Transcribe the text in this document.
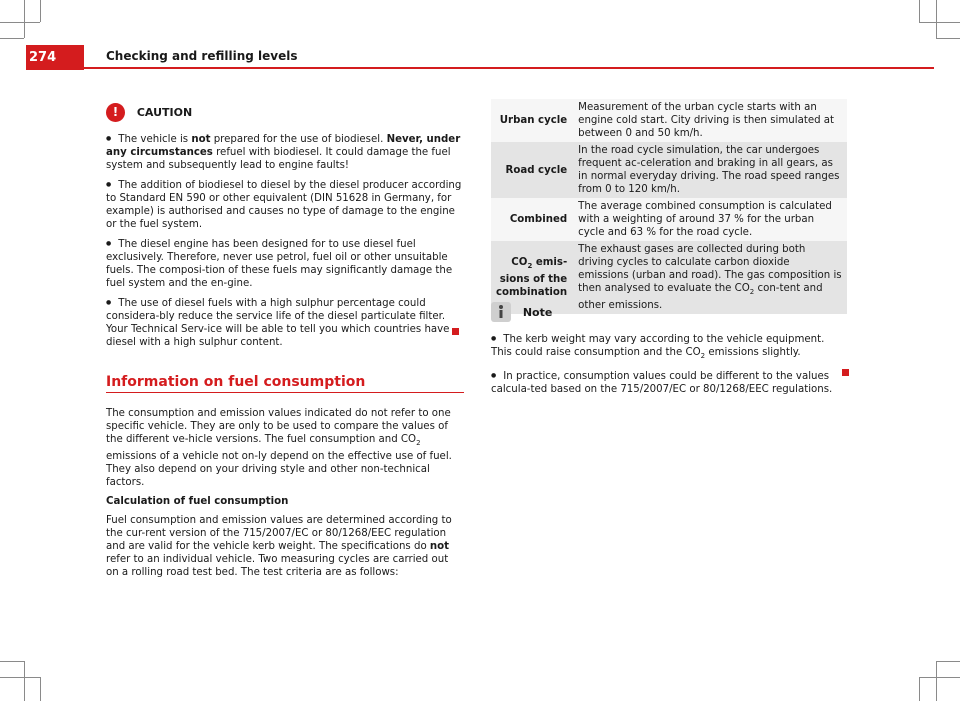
274	Checking and refilling levels
! CAUTION

● The vehicle is not prepared for the use of biodiesel. Never, under any circumstances refuel with biodiesel. It could damage the fuel system and subsequently lead to engine faults!

● The addition of biodiesel to diesel by the diesel producer according to Standard EN 590 or other equivalent (DIN 51628 in Germany, for example) is authorised and causes no type of damage to the engine or the fuel system.

● The diesel engine has been designed for to use diesel fuel exclusively. Therefore, never use petrol, fuel oil or other unsuitable fuels. The composi-tion of these fuels may significantly damage the fuel system and the en-gine.

● The use of diesel fuels with a high sulphur percentage could considera-bly reduce the service life of the diesel particulate filter. Your Technical Serv-ice will be able to tell you which countries have diesel with a high sulphur content.

Information on fuel consumption

The consumption and emission values indicated do not refer to one specific vehicle. They are only to be used to compare the values of the different ve-hicle versions. The fuel consumption and $CO_2$ emissions of a vehicle not on-ly depend on the effective use of fuel. They also depend on your driving style and other non-technical factors.

Calculation of fuel consumption

Fuel consumption and emission values are determined according to the cur-rent version of the 715/2007/EC or 80/1268/EEC regulation and are valid for the vehicle kerb weight. The specifications do not refer to an individual vehicle. Two measuring cycles are carried out on a rolling road test bed. The test criteria are as follows:

Urban cycle	Measurement of the urban cycle starts with an engine cold start. City driving is then simulated at between 0 and 50 km/h.
Road cycle	In the road cycle simulation, the car undergoes frequent ac-celeration and braking in all gears, as in normal everyday driving. The road speed ranges from 0 to 120 km/h.
Combined	The average combined consumption is calculated with a weighting of around 37 % for the urban cycle and 63 % for the road cycle.
$CO_2$ emis-sions of the combination	The exhaust gases are collected during both driving cycles to calculate carbon dioxide emissions (urban and road). The gas composition is then analysed to evaluate the $CO_2$ con-tent and other emissions.
Note

● The kerb weight may vary according to the vehicle equipment. This could raise consumption and the $CO_2$ emissions slightly.

● In practice, consumption values could be different to the values calcula-ted based on the 715/2007/EC or 80/1268/EEC regulations.
